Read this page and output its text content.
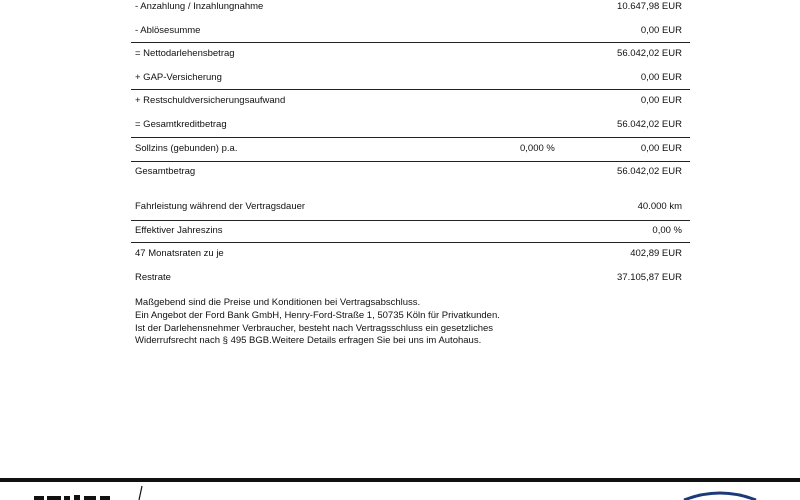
- Anzahlung / Inzahlungnahme	10.647,98 EUR
- Ablösesumme	0,00 EUR
= Nettodarlehensbetrag	56.042,02 EUR
+ GAP-Versicherung	0,00 EUR
+ Restschuldversicherungsaufwand	0,00 EUR
= Gesamtkreditbetrag	56.042,02 EUR
Sollzins (gebunden) p.a.	0,000 %	0,00 EUR
Gesamtbetrag	56.042,02 EUR
Fahrleistung während der Vertragsdauer	40.000 km
Effektiver Jahreszins	0,00 %
47 Monatsraten zu je	402,89 EUR
Restrate	37.105,87 EUR
Maßgebend sind die Preise und Konditionen bei Vertragsabschluss.
Ein Angebot der Ford Bank GmbH, Henry-Ford-Straße 1, 50735 Köln für Privatkunden.
Ist der Darlehensnehmer Verbraucher, besteht nach Vertragsschluss ein gesetzliches
Widerrufsrecht nach § 495 BGB.Weitere Details erfragen Sie bei uns im Autohaus.
